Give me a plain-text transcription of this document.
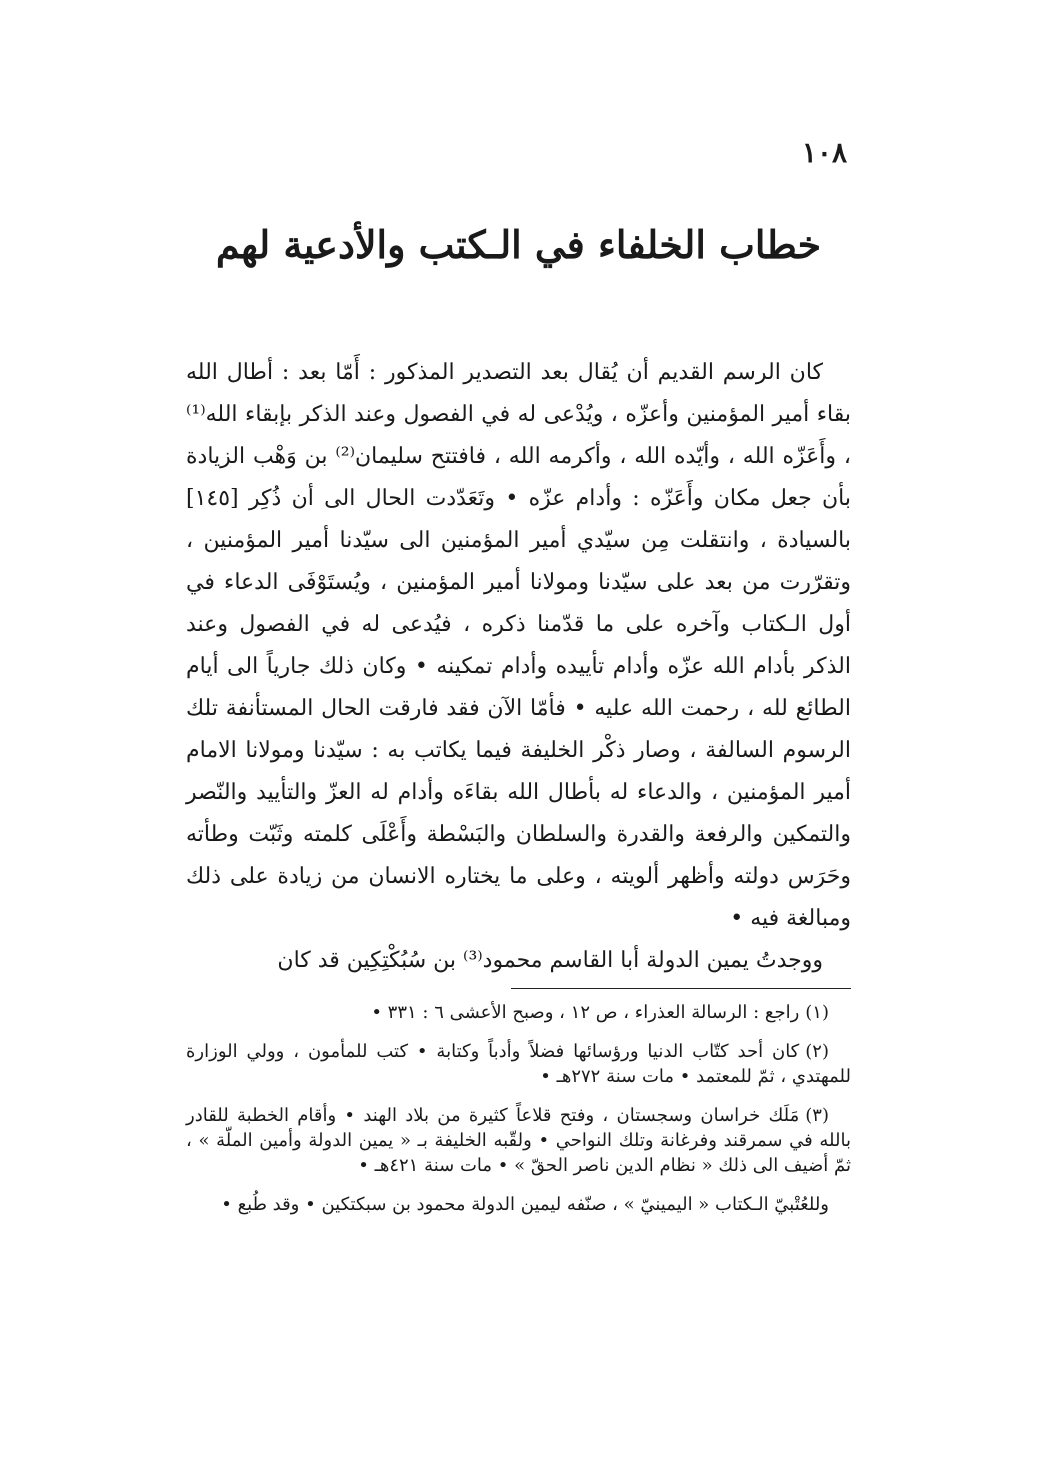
١٠٨
خطاب الخلفاء في الـكتب والأدعية لهم

كان الرسم القديم أن يُقال بعد التصدير المذكور : أَمّا بعد : أطال الله بقاء أمير المؤمنين وأعزّه ، ويُدْعى له في الفصول وعند الذكر بإبقاء الله⁽¹⁾ ، وأَعَزّه الله ، وأيّده الله ، وأكرمه الله ، فافتتح سليمان⁽²⁾ بن وَهْب الزيادة بأن جعل مكان وأَعَزّه : وأدام عزّه • وتَعَدّدت الحال الى أن ذُكِر [١٤٥] بالسيادة ، وانتقلت مِن سيّدي أمير المؤمنين الى سيّدنا أمير المؤمنين ، وتقرّرت من بعد على سيّدنا ومولانا أمير المؤمنين ، ويُستَوْفَى الدعاء في أول الـكتاب وآخره على ما قدّمنا ذكره ، فيُدعى له في الفصول وعند الذكر بأدام الله عزّه وأدام تأييده وأدام تمكينه • وكان ذلك جارياً الى أيام الطائع لله ، رحمت الله عليه • فأمّا الآن فقد فارقت الحال المستأنفة تلك الرسوم السالفة ، وصار ذكْر الخليفة فيما يكاتب به : سيّدنا ومولانا الامام أمير المؤمنين ، والدعاء له بأطال الله بقاءَه وأدام له العزّ والتأييد والنّصر والتمكين والرفعة والقدرة والسلطان والبَسْطة وأَعْلَى كلمته وثَبّت وطأته وحَرَس دولته وأظهر ألويته ، وعلى ما يختاره الانسان من زيادة على ذلك ومبالغة فيه •

ووجدتُ يمين الدولة أبا القاسم محمود⁽³⁾ بن سُبُكْتِكِين قد كان

(١)راجع : الرسالة العذراء ، ص ١٢ ، وصبح الأعشى ٦ : ٣٣١ •

(٢)كان أحد كتّاب الدنيا ورؤسائها فضلاً وأدباً وكتابة • كتب للمأمون ، وولي الوزارة للمهتدي ، ثمّ للمعتمد • مات سنة ٢٧٢هـ •

(٣)مَلَك خراسان وسجستان ، وفتح قلاعاً كثيرة من بلاد الهند • وأقام الخطبة للقادر بالله في سمرقند وفرغانة وتلك النواحي • ولقّبه الخليفة بـ « يمين الدولة وأمين الملّة » ، ثمّ أضيف الى ذلك « نظام الدين ناصر الحقّ » • مات سنة ٤٢١هـ •

وللعُتْبيّ الـكتاب « اليمينيّ » ، صنّفه ليمين الدولة محمود بن سبكتكين • وقد طُبع •
